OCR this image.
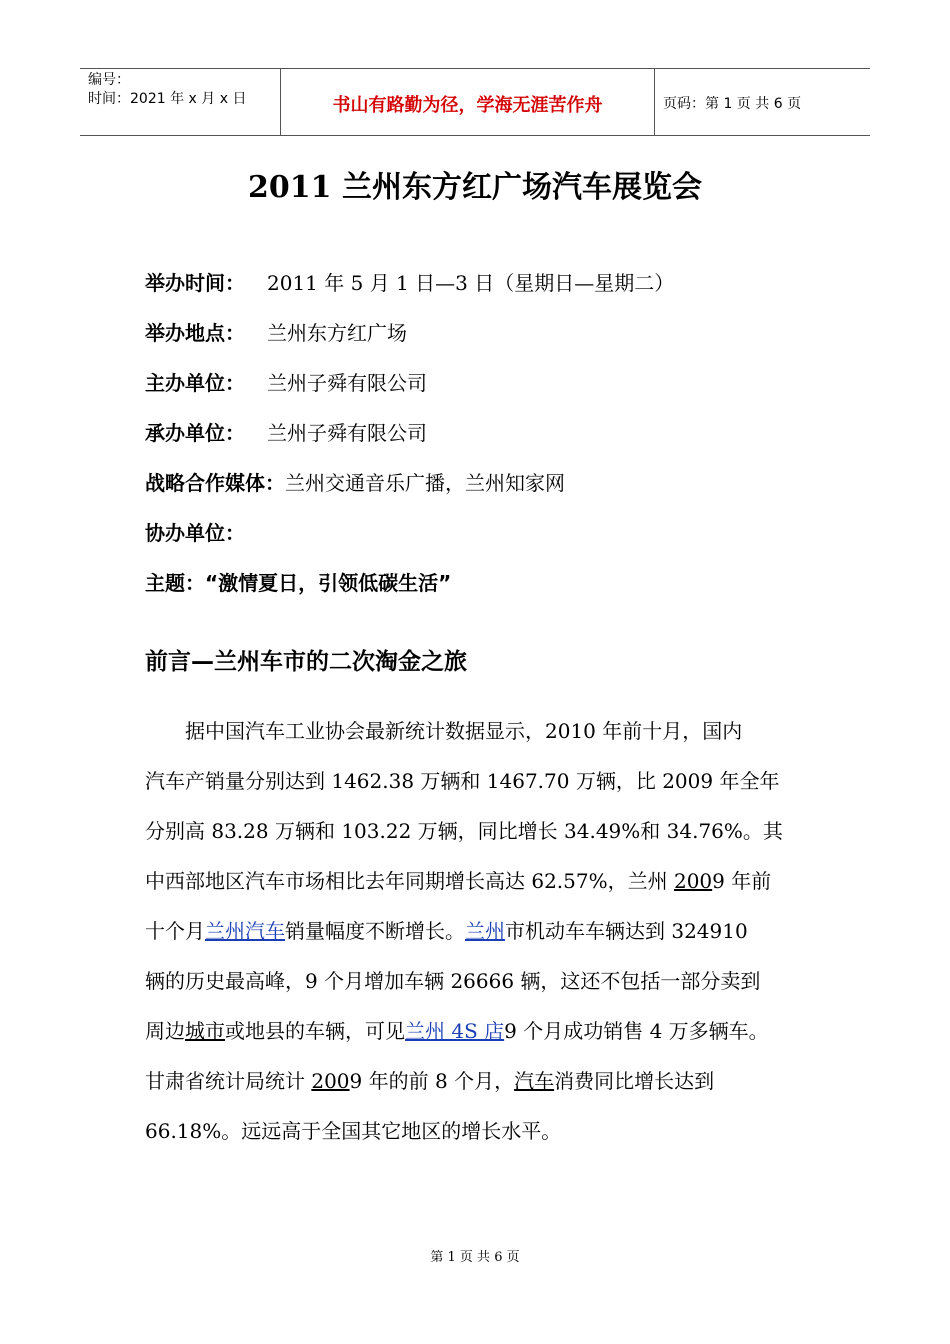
编号：
时间：2021 年 x 月 x 日	书山有路勤为径，学海无涯苦作舟	页码：第 1 页 共 6 页
2011 兰州东方红广场汽车展览会
举办时间： 2011 年 5 月 1 日—3 日（星期日—星期二）
举办地点： 兰州东方红广场
主办单位： 兰州子舜有限公司
承办单位： 兰州子舜有限公司
战略合作媒体：兰州交通音乐广播，兰州知家网
协办单位：
主题：“激情夏日，引领低碳生活”
前言—兰州车市的二次淘金之旅
据中国汽车工业协会最新统计数据显示，2010 年前十月，国内
汽车产销量分别达到 1462.38 万辆和 1467.70 万辆，比 2009 年全年
分别高 83.28 万辆和 103.22 万辆，同比增长 34.49%和 34.76%。其
中西部地区汽车市场相比去年同期增长高达 62.57%，兰州 2009 年前
十个月兰州汽车销量幅度不断增长。兰州市机动车车辆达到 324910
辆的历史最高峰，9 个月增加车辆 26666 辆，这还不包括一部分卖到
周边城市或地县的车辆，可见兰州 4S 店9 个月成功销售 4 万多辆车。
甘肃省统计局统计 2009 年的前 8 个月，汽车消费同比增长达到
66.18%。远远高于全国其它地区的增长水平。
第 1 页 共 6 页
